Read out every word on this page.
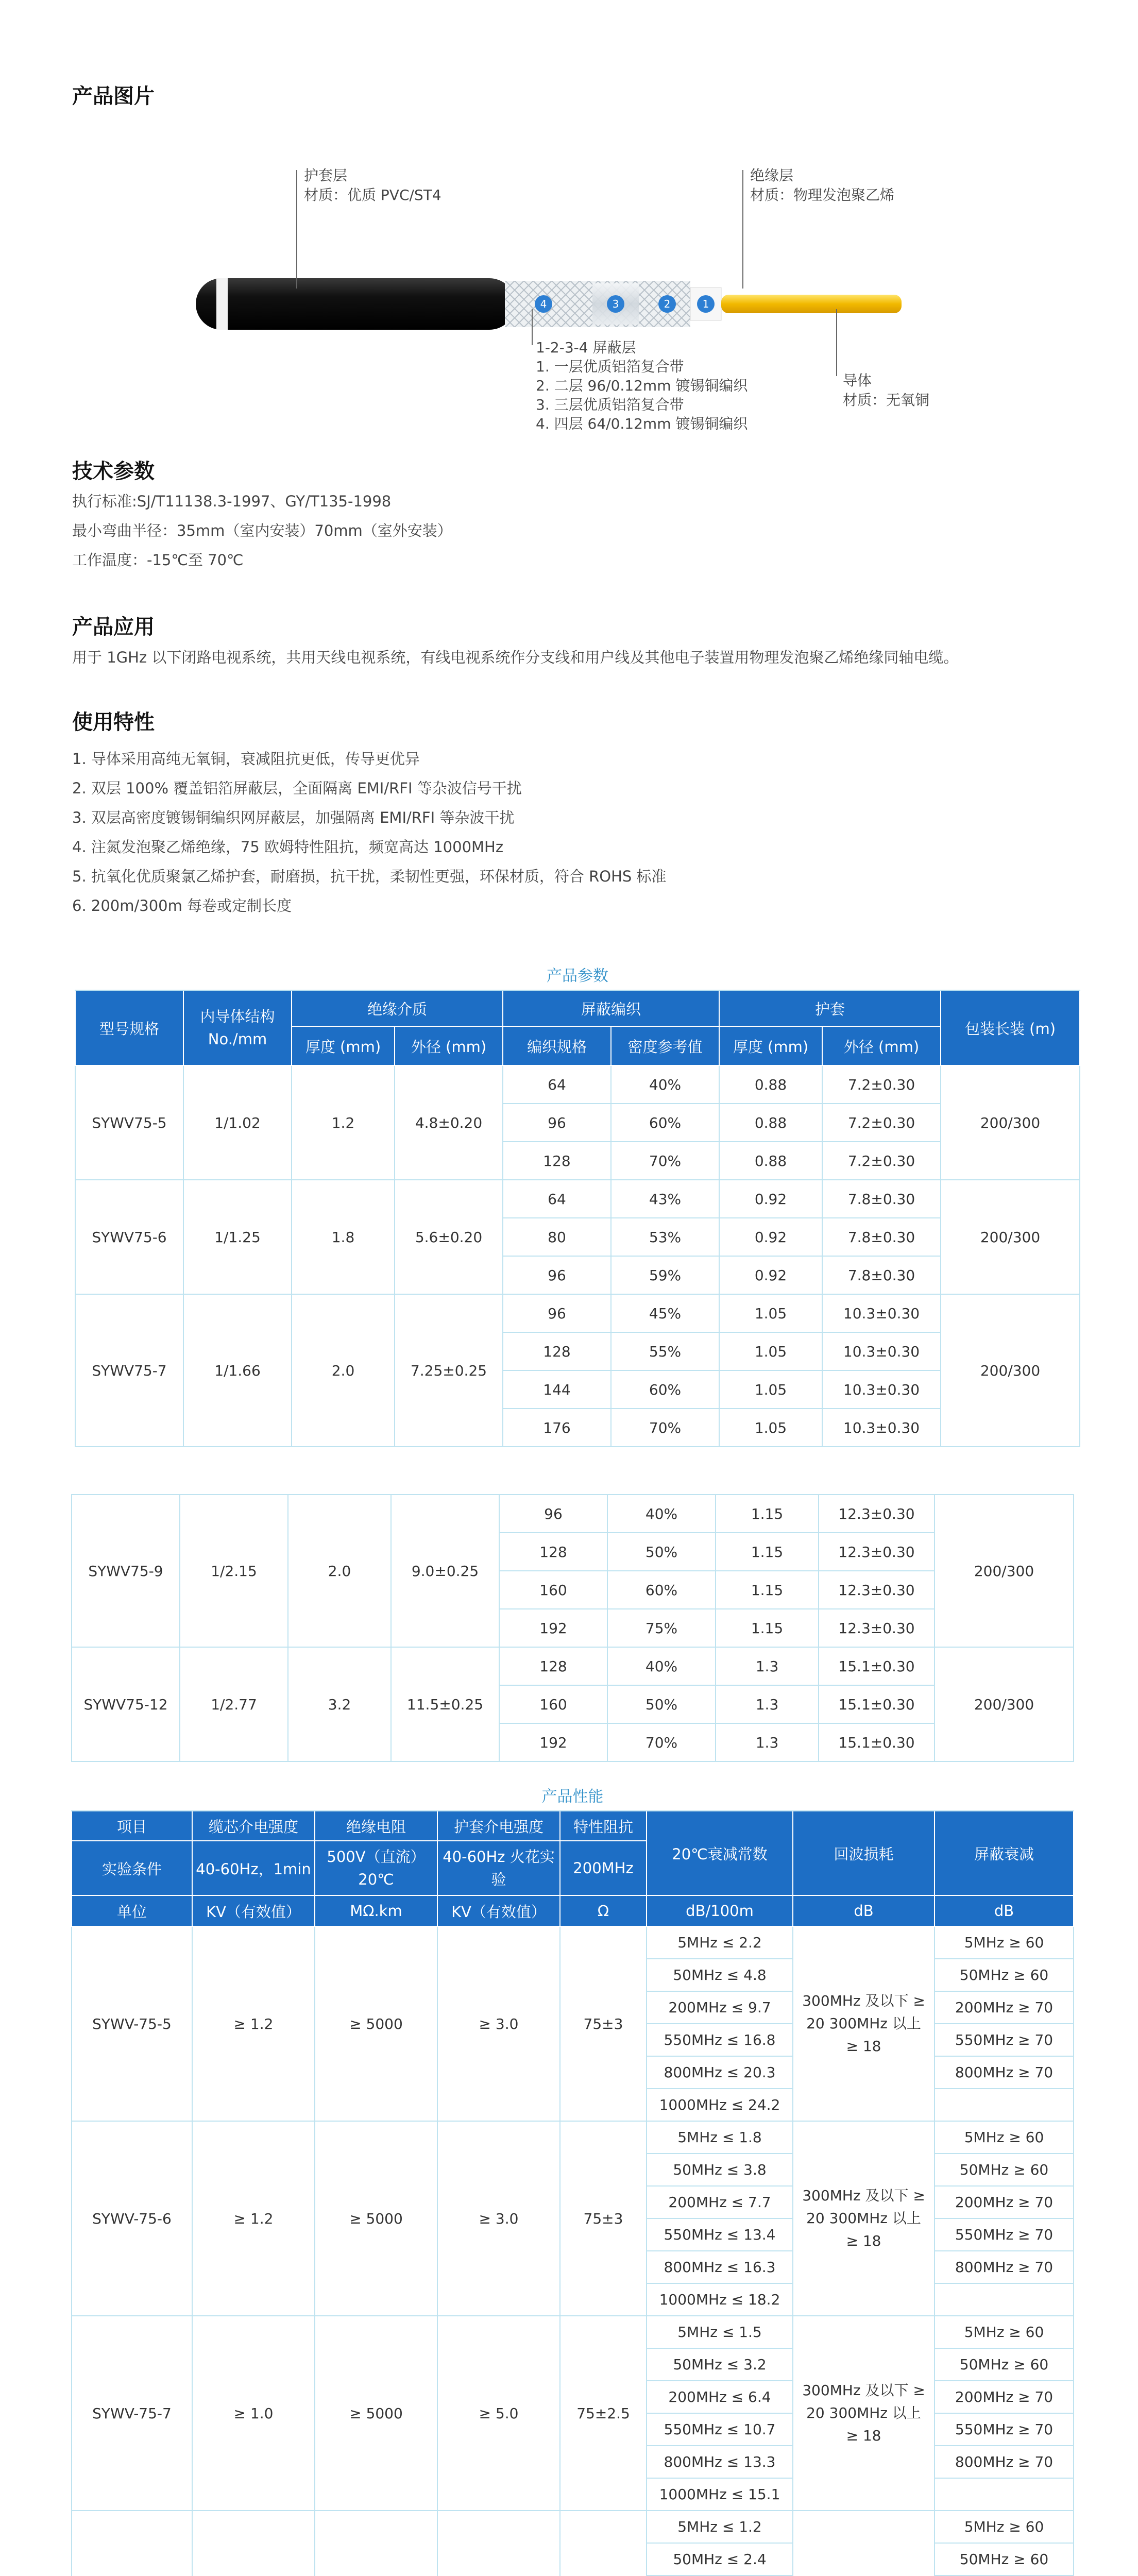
产品图片
4	3	2	1
护套层
材质：优质 PVC/ST4
绝缘层
材质：物理发泡聚乙烯
1-2-3-4 屏蔽层
1. 一层优质铝箔复合带
2. 二层 96/0.12mm 镀锡铜编织
3. 三层优质铝箔复合带
4. 四层 64/0.12mm 镀锡铜编织
导体
材质：无氧铜
技术参数
执行标准:SJ/T11138.3-1997、GY/T135-1998
最小弯曲半径：35mm（室内安装）70mm（室外安装）
工作温度：-15℃至 70℃
产品应用
用于 1GHz 以下闭路电视系统，共用天线电视系统，有线电视系统作分支线和用户线及其他电子装置用物理发泡聚乙烯绝缘同轴电缆。
使用特性
1. 导体采用高纯无氧铜，衰减阻抗更低，传导更优异
2. 双层 100% 覆盖铝箔屏蔽层，全面隔离 EMI/RFI 等杂波信号干扰
3. 双层高密度镀锡铜编织网屏蔽层，加强隔离 EMI/RFI 等杂波干扰
4. 注氮发泡聚乙烯绝缘，75 欧姆特性阻抗，频宽高达 1000MHz
5. 抗氧化优质聚氯乙烯护套，耐磨损，抗干扰，柔韧性更强，环保材质，符合 ROHS 标准
6. 200m/300m 每卷或定制长度
产品参数								
型号规格	内导体结构 No./mm	绝缘介质		屏蔽编织		护套		包装长装 (m)
		厚度 (mm)	外径 (mm)	编织规格	密度参考值	厚度 (mm)	外径 (mm)	
SYWV75-5	1/1.02	1.2	4.8±0.20	64	40%	0.88	7.2±0.30	200/300
				96	60%	0.88	7.2±0.30	
				128	70%	0.88	7.2±0.30	
SYWV75-6	1/1.25	1.8	5.6±0.20	64	43%	0.92	7.8±0.30	200/300
				80	53%	0.92	7.8±0.30	
				96	59%	0.92	7.8±0.30	
SYWV75-7	1/1.66	2.0	7.25±0.25	96	45%	1.05	10.3±0.30	200/300
				128	55%	1.05	10.3±0.30	
				144	60%	1.05	10.3±0.30	
				176	70%	1.05	10.3±0.30	
SYWV75-9	1/2.15	2.0	9.0±0.25	96	40%	1.15	12.3±0.30	200/300
				128	50%	1.15	12.3±0.30	
				160	60%	1.15	12.3±0.30	
				192	75%	1.15	12.3±0.30	
SYWV75-12	1/2.77	3.2	11.5±0.25	128	40%	1.3	15.1±0.30	200/300
				160	50%	1.3	15.1±0.30	
				192	70%	1.3	15.1±0.30	
产品性能							
项目	缆芯介电强度	绝缘电阻	护套介电强度	特性阻抗	20℃衰减常数	回波损耗	屏蔽衰减
实验条件	40-60Hz，1min	500V（直流）20℃	40-60Hz 火花实验	200MHz			
单位	KV（有效值）	MΩ.km	KV（有效值）	Ω	dB/100m	dB	dB
SYWV-75-5	≥ 1.2	≥ 5000	≥ 3.0	75±3	5MHz ≤ 2.2	300MHz 及以下 ≥ 20 300MHz 以上≥ 18	5MHz ≥ 60
					50MHz ≤ 4.8		50MHz ≥ 60
					200MHz ≤ 9.7		200MHz ≥ 70
					550MHz ≤ 16.8		550MHz ≥ 70
					800MHz ≤ 20.3		800MHz ≥ 70
					1000MHz ≤ 24.2		
SYWV-75-6	≥ 1.2	≥ 5000	≥ 3.0	75±3	5MHz ≤ 1.8	300MHz 及以下 ≥ 20 300MHz 以上≥ 18	5MHz ≥ 60
					50MHz ≤ 3.8		50MHz ≥ 60
					200MHz ≤ 7.7		200MHz ≥ 70
					550MHz ≤ 13.4		550MHz ≥ 70
					800MHz ≤ 16.3		800MHz ≥ 70
					1000MHz ≤ 18.2		
SYWV-75-7	≥ 1.0	≥ 5000	≥ 5.0	75±2.5	5MHz ≤ 1.5	300MHz 及以下 ≥ 20 300MHz 以上≥ 18	5MHz ≥ 60
					50MHz ≤ 3.2		50MHz ≥ 60
					200MHz ≤ 6.4		200MHz ≥ 70
					550MHz ≤ 10.7		550MHz ≥ 70
					800MHz ≤ 13.3		800MHz ≥ 70
					1000MHz ≤ 15.1		
					5MHz ≤ 1.2		5MHz ≥ 60
					50MHz ≤ 2.4		50MHz ≥ 60
